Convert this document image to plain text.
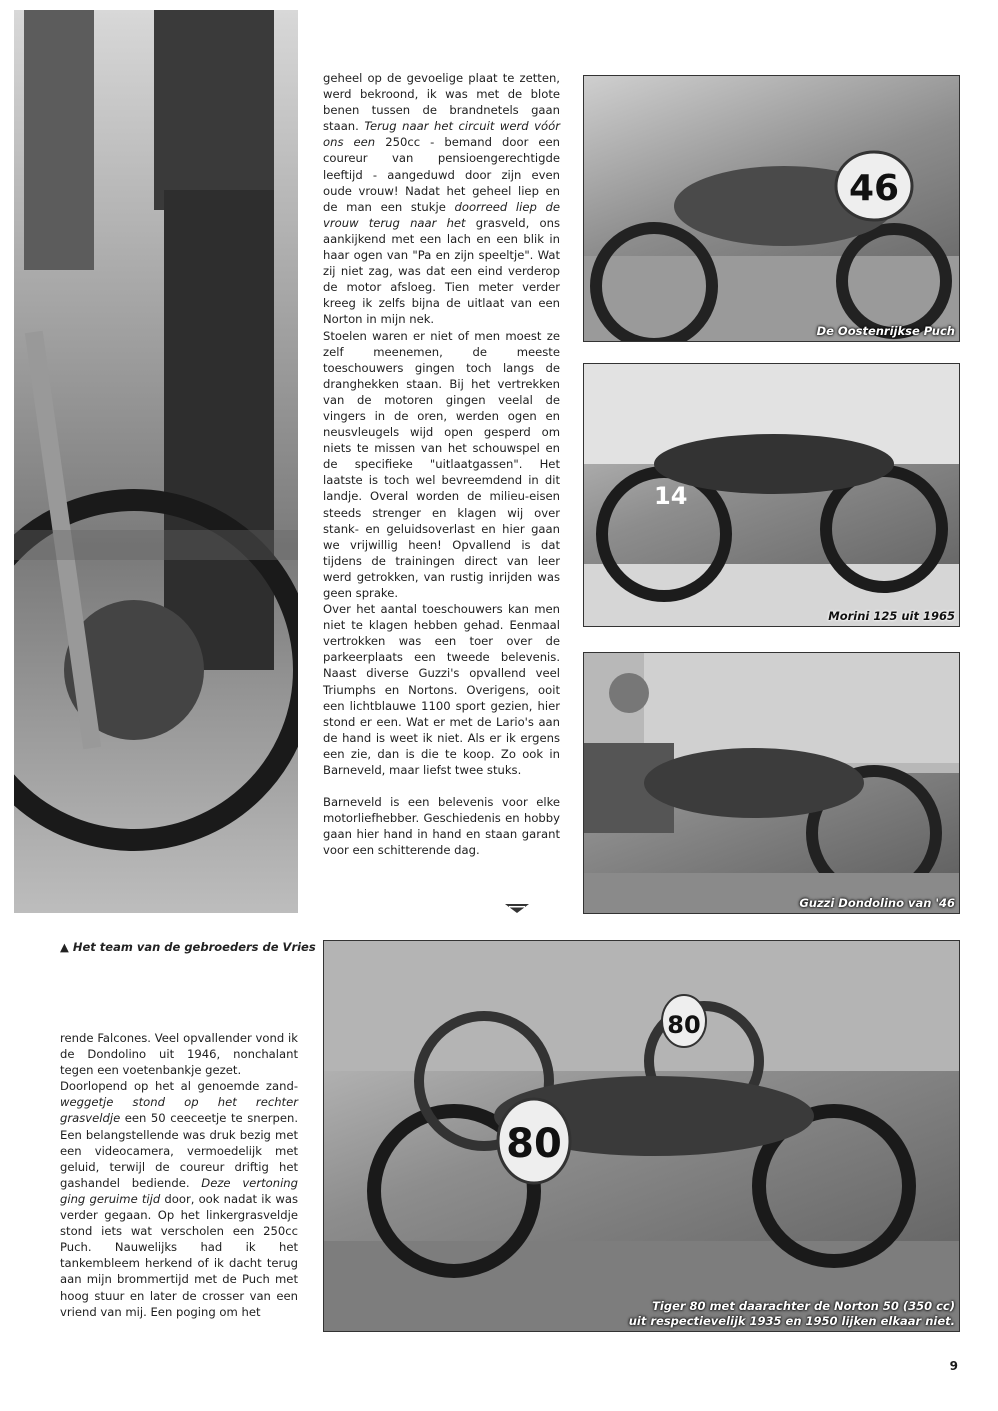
▲ Het team van de gebroeders de Vries

geheel op de gevoelige plaat te zetten, werd bekroond, ik was met de blote benen tussen de brandnetels gaan staan. Terug naar het circuit werd vóór ons een 250cc - bemand door een coureur van pensioengerechtigde leeftijd - aangeduwd door zijn even oude vrouw! Nadat het geheel liep en de man een stukje doorreed liep de vrouw terug naar het grasveld, ons aankijkend met een lach en een blik in haar ogen van "Pa en zijn speeltje". Wat zij niet zag, was dat een eind verderop de motor afsloeg. Tien meter verder kreeg ik zelfs bijna de uitlaat van een Norton in mijn nek.

Stoelen waren er niet of men moest ze zelf meenemen, de meeste toeschouwers gingen toch langs de dranghekken staan. Bij het vertrekken van de motoren gingen veelal de vingers in de oren, werden ogen en neusvleugels wijd open gesperd om niets te missen van het schouwspel en de specifieke "uitlaatgassen". Het laatste is toch wel bevreemdend in dit landje. Overal worden de milieu-eisen steeds strenger en klagen wij over stank- en geluidsoverlast en hier gaan we vrijwillig heen! Opvallend is dat tijdens de trainingen direct van leer werd getrokken, van rustig inrijden was geen sprake.

Over het aantal toeschouwers kan men niet te klagen hebben gehad. Eenmaal vertrokken was een toer over de parkeerplaats een tweede belevenis. Naast diverse Guzzi's opvallend veel Triumphs en Nortons. Overigens, ooit een lichtblauwe 1100 sport gezien, hier stond er een. Wat er met de Lario's aan de hand is weet ik niet. Als er ik ergens een zie, dan is die te koop. Zo ook in Barneveld, maar liefst twee stuks.

Barneveld is een belevenis voor elke motorliefhebber. Geschiedenis en hobby gaan hier hand in hand en staan garant voor een schitterende dag.

46
De Oostenrijkse Puch
14
Morini 125 uit 1965
Guzzi Dondolino van '46
80
80
Tiger 80 met daarachter de Norton 50 (350 cc)
uit respectievelijk 1935 en 1950 lijken elkaar niet.

rende Falcones. Veel opvallender vond ik de Dondolino uit 1946, nonchalant tegen een voetenbankje gezet.

Doorlopend op het al genoemde zand- weggetje stond op het rechter grasveldje een 50 ceeceetje te snerpen. Een belangstellende was druk bezig met een videocamera, vermoedelijk met geluid, terwijl de coureur driftig het gashandel bediende. Deze vertoning ging geruime tijd door, ook nadat ik was verder gegaan. Op het linkergrasveldje stond iets wat verscholen een 250cc Puch. Nauwelijks had ik het tankembleem herkend of ik dacht terug aan mijn brommertijd met de Puch met hoog stuur en later de crosser van een vriend van mij. Een poging om het

9
